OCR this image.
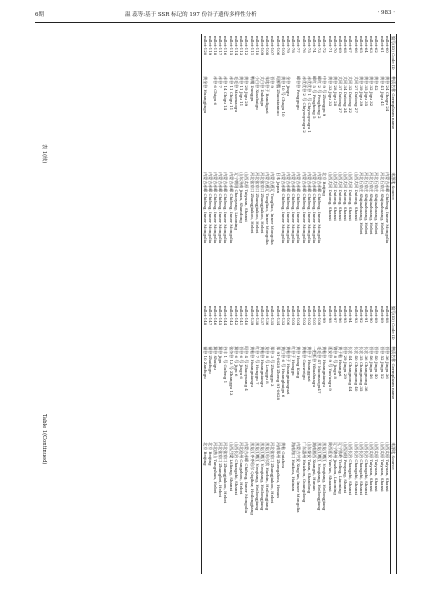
6期	温 蕊等:基于 SSR 标记的 197 份谷子遗传多样性分析	· 983 ·
编号(ID) Code ID	种质名称 Germplasm name	来源地 Source
mllet-60	黄谷 24 Chagu 24	内蒙古赤峰 Chifeng, Inner Mongolia
mllet-61	黄谷 41 Jigu 41	河北石家庄 Shijiazhuang, Hebei
mllet-62	黄谷 42	河北石家庄 Shijiazhuang, Hebei
mllet-63	黄谷 32 Jigu 32	河北石家庄 Shijiazhuang, Hebei
mllet-64	黄谷 35 Jigu 35	河北石家庄 Shijiazhuang, Hebei
mllet-65	黄谷 39 Jigu 39	河北石家庄 Shijiazhuang, Hebei
mllet-66	大同 27 Datong 27	山西大同 Datong, Shanxi
mllet-67	大同 32 Datong 32	山西大同 Datong, Shanxi
mllet-68	大同 34 Datong 34	山西大同 Datong, Shanxi
mllet-69	大同 37 Datong 37	山西大同 Datong, Shanxi
mllet-70	黄谷 28 Jigu 28	山西大同 Datong, Shanxi
mllet-71	黄谷 33 Jigu 33	山西大同 Datong, Shanxi
mllet-72	中谷 9 号 Zhonggu 9	北京 Beijing
mllet-73	峰红 2 号 Fenghong 2	内蒙古赤峰 Chifeng, Inner Mongolia
mllet-74	峰红 5 号 Fenghong 5	内蒙古赤峰 Chifeng, Inner Mongolia
mllet-75	赤优优谷 1 号 Chiyouyougu 1	内蒙古赤峰 Chifeng, Inner Mongolia
mllet-76	赤优优谷 2 号 Chiyouyougu 2	内蒙古赤峰 Chifeng, Inner Mongolia
mllet-77	峰谷谷 Fenggugu	内蒙古赤峰 Chifeng, Inner Mongolia
mllet-78		内蒙古赤峰 Chifeng, Inner Mongolia
mllet-79	金谷 Jingu	内蒙古赤峰 Chifeng, Inner Mongolia
mllet-105	黄谷 10 号 Chagu 10	内蒙古赤峰 Chifeng, Inner Mongolia
mllet-106	昭鲜糯 Zhaoxiannuo	日本 Japan
mllet-107	晋谷 9	内蒙古通辽 Tongliao, Inner Mongolia
mllet-108	朱地谷子 Bandigazi	内蒙古通辽 Tongliao, Inner Mongolia
mllet-109	大白谷 Dabaigu	河北张家口 Zhangjiakou, Hebei
mllet-110	小白谷 Xiaobaigu	河北张家口 Zhangjiakou, Hebei
mllet-111	鸭嘴 Dunggu	河北张家口 Zhangjiakou, Hebei
mllet-112	黄谷 29 Jigu 29	山西太原 Taiyuan, Shanxi
mllet-113	黄谷 11 Jigu 11	山东济南 Jinan, Shandong
mllet-114	毛毛谷 Maomaogu	辽宁朝阳 Chaoyang, Liaoning
mllet-115	赤谷 11 Chigu 11	内蒙古赤峰 Chifeng, Inner Mongolia
mllet-116	赤谷 14 Chigu 14	内蒙古赤峰 Chifeng, Inner Mongolia
mllet-117	赤谷 7	内蒙古赤峰 Chifeng, Inner Mongolia
mllet-118	赤谷 6 Chigu 6	内蒙古赤峰 Chifeng, Inner Mongolia
mllet-119		内蒙古赤峰 Chifeng, Inner Mongolia
mllet-120	黄金谷 Huangjingu	内蒙古赤峰 Chifeng, Inner Mongolia
编号(ID) Code ID	种质名称 Germplasm name	来源地 Source
mllet-88	晋谷 36 Jingu 36	山西太原 Taiyuan, Shanxi
mllet-89	晋谷 52 Jingu 52	山西太原 Taiyuan, Shanxi
mllet-89	晋谷 40 Jingu 40	山西太原 Taiyuan, Shanxi
mllet-90	晋谷 46 Jingu 46	山西太原 Taiyuan, Shanxi
mllet-91	长农 36 Changnong 36	山西长治 Changzhi, Shanxi
mllet-92	长农 35 Changnong 35	山西长治 Changzhi, Shanxi
mllet-93	长农 40 Changnong 40	山西长治 Changzhi, Shanxi
mllet-94	长农 44 Changnong 44	山西长治 Changzhi, Shanxi
mllet-95	晋谷 29 Jingu 29	山西汾阳 Fenyang, Shanxi
mllet-96	黄子粘 Huangzi	辽宁铁岭 Tieling, Liaoning
mllet-97	锦谷 8 号 Jingu 8	辽宁锦州 Jinzhou, Liaoning
mllet-98	延安谷 9 号 Yan'angu 9	陕西延安 Yan'an, Shaanxi
mllet-99	黄粘谷 Huangniangu	黑龙江嫩江 Nenjiang, Heilongjiang
mllet-100	毛毛谷 47 Maomaogu47	黑龙江嫩江 Nenjiang, Heilongjiang
mllet-101	一把抓谷 Yibazhuagu	湖南湘西 Xiangxi, Hunan
mllet-102	黄谷子 Huangguzi	山东泰安 Taian, Shandong
mllet-103	黄粘谷 Gaoweigu	广东惠州 Huizhou, Guangdong
mllet-104	黄谷 Hong Kong	内蒙古兴安 Xing'an, Inner Mongolia
mllet-105	红谷子 Honggu	海南海口 Haikou, Hainan
mllet-106	黄粘谷子 Huangnianguzi	
mllet-133	黄白谷 6 号 Huangbaigu 6	黄粘 Guizhou
mllet-134	郑 91-0628 Zheng 91-0628	河南郑州 Zhengzhou, Henan
mllet-135	郑谷 3 号 Zhenggu 3	河北张家口 Zhangjiakou, Hebei
mllet-136	龙谷 8 号 Longgu 8	黑龙江哈尔滨 Harbin, Heilongjiang
mllet-137	黄粘谷 Huangniangu	黑龙江嫩江 Nenjiang, Heilongjiang
mllet-138	红谷 7 号 Honggu 7	黑龙江嫩江 Nenjiang, Heilongjiang
mllet-139	黄粘谷 Huangniangu	黑龙江齐齐哈尔 Qiqihar, Heilongjiang
mllet-140	昭谷 4 号 Zhaoyuang 4	内蒙古赤峰 Chifeng, Inner Mongolia
mllet-141	晋谷 6 号 Jingu 6	河北沧州 Cangzhou, Hebei
mllet-142	冀谷 6 号 Jigu 6	山西长治 Changzhi, Shanxi
mllet-143	张杂谷 13 号 Zhanggu 13	山西吕梁 Lüliang, Shanxi
mllet-144	谷丰 1 号 Gufeng 1	河北张家口 Zhangjiakou, Hebei
mllet-145	冀谷 Jigu	河北张家口 Zhangbei, Hebei
mllet-146	冀谷 Shuigu	河北唐山 Tangshan, Hebei
mllet-147	福谷 Zhaifugu	北京 Beijing
mllet-148	福谷 10 Zanfugu	北京 Beijing
表 1(续)
Table 1(Continued)
